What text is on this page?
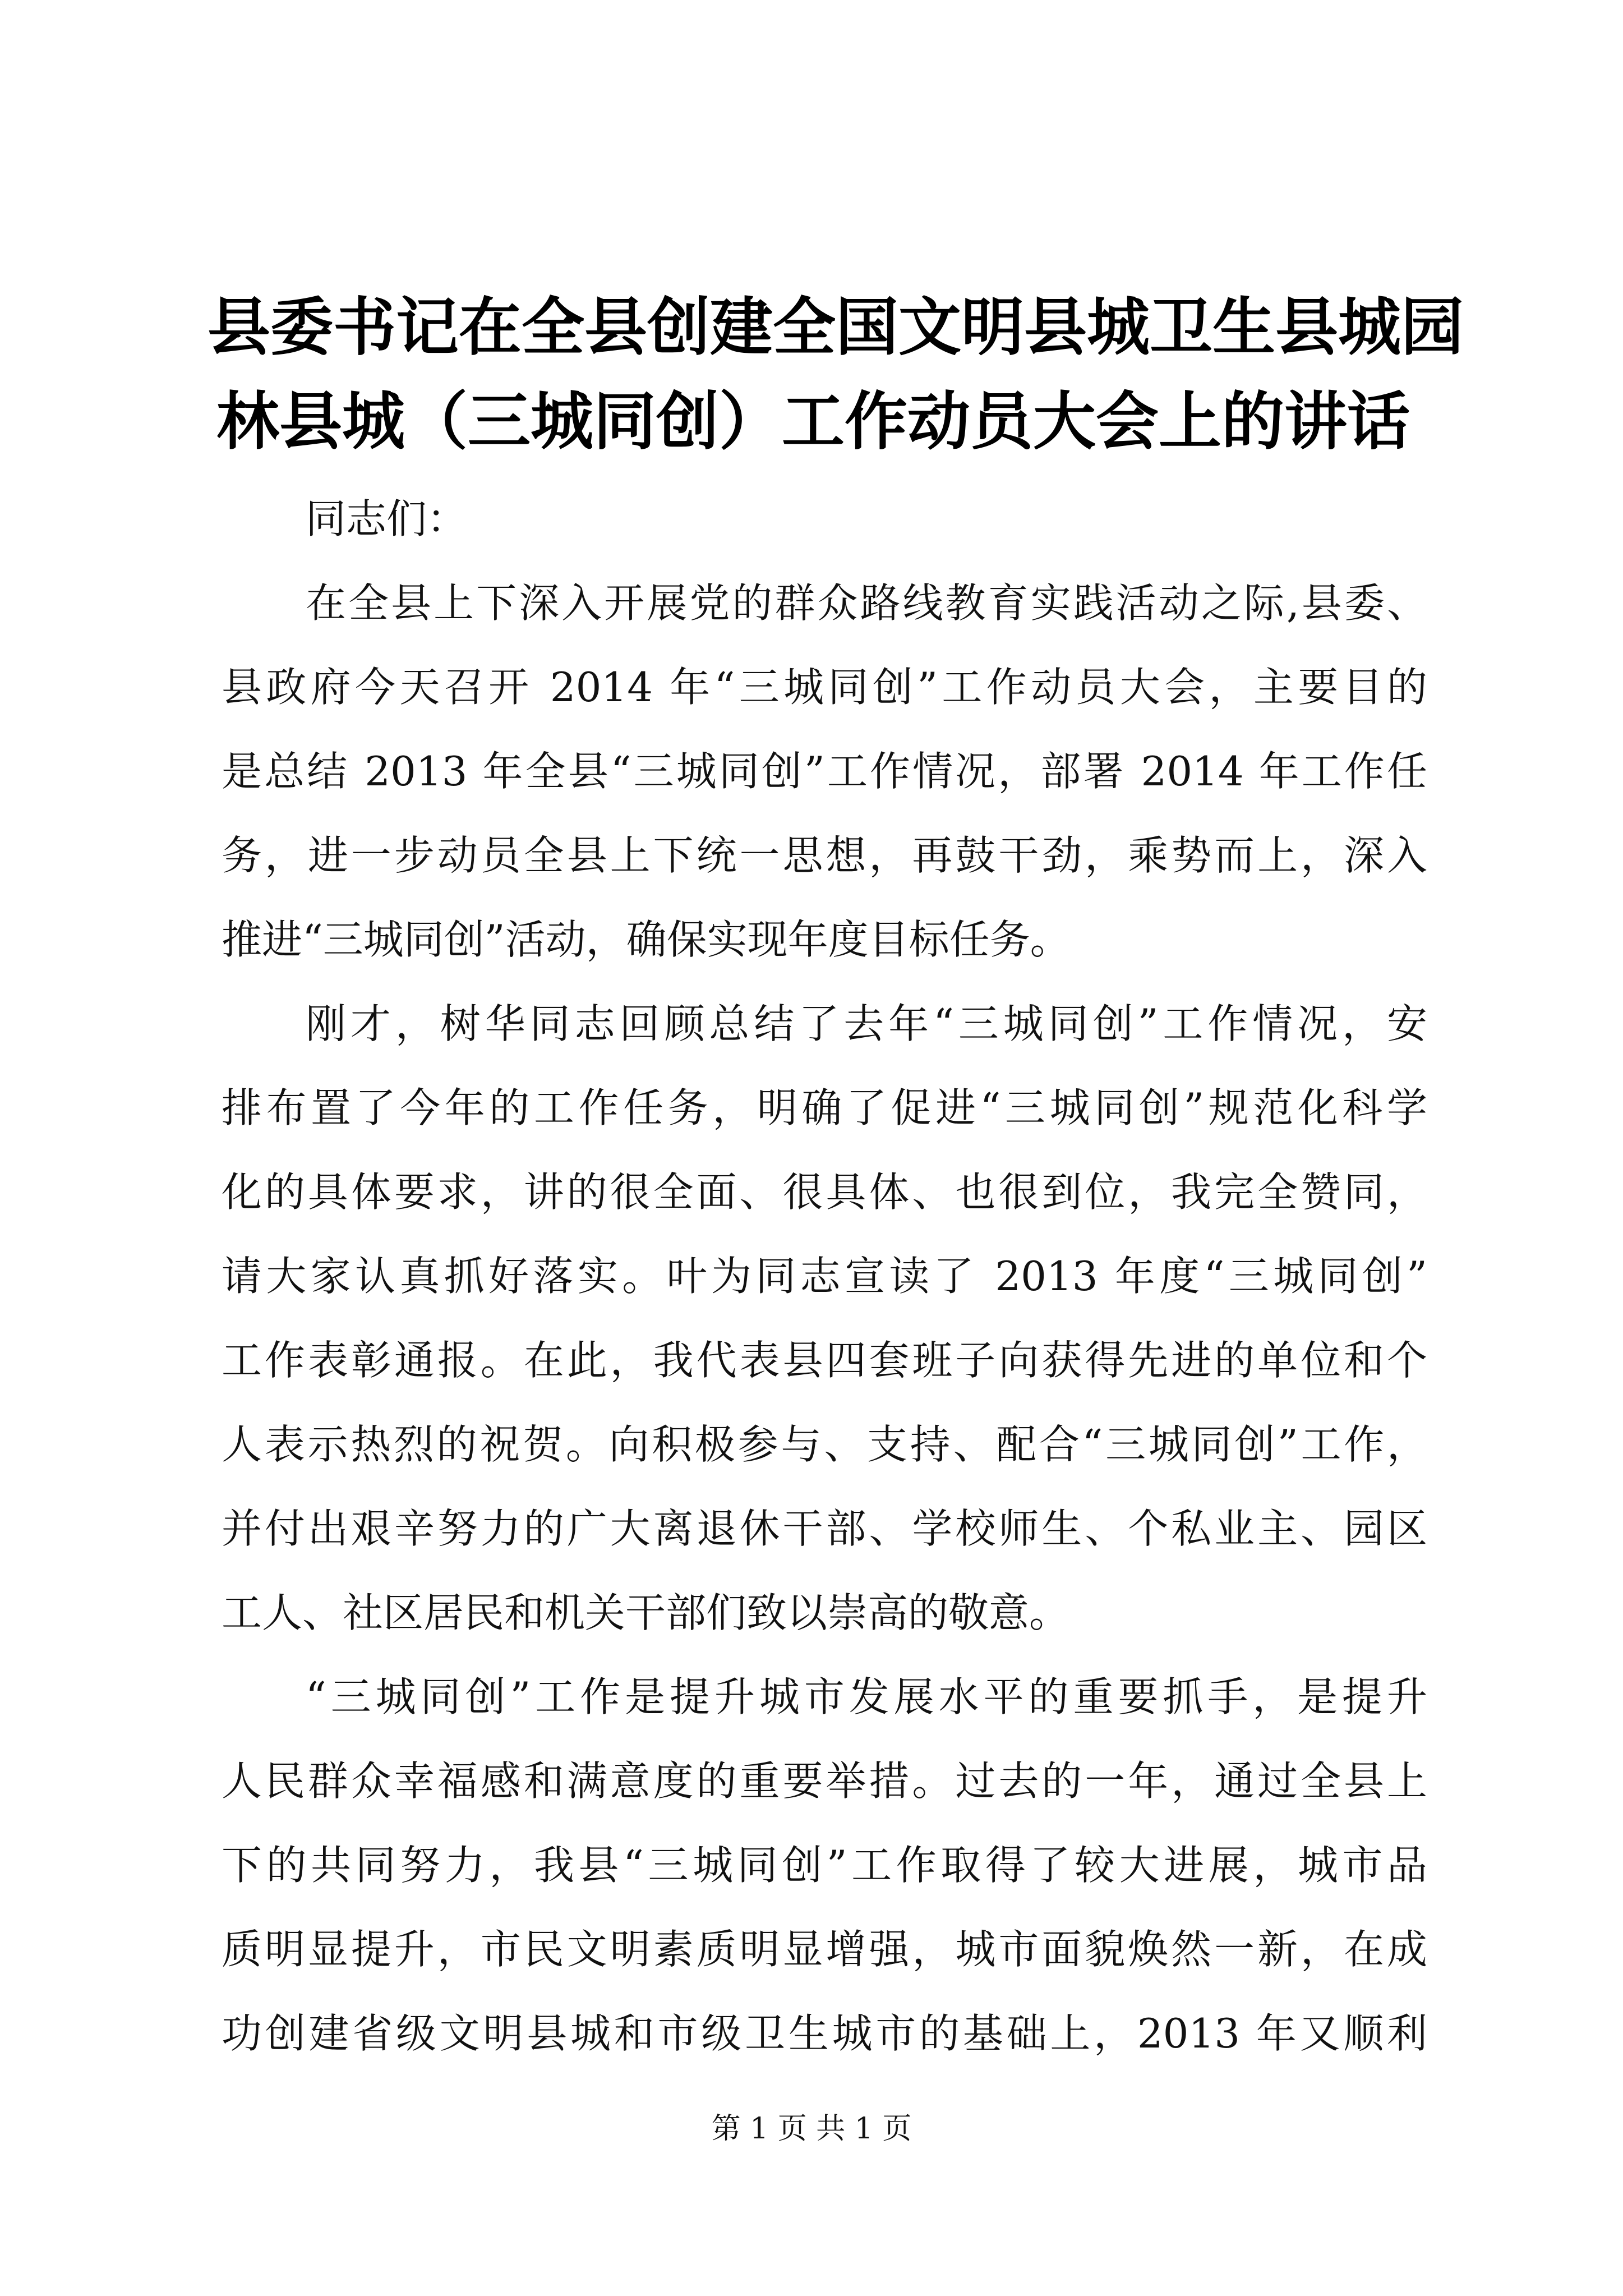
县委书记在全县创建全国文明县城卫生县城园
林县城（三城同创）工作动员大会上的讲话
同志们：
在全县上下深入开展党的群众路线教育实践活动之际,县委、
县政府今天召开 2014 年“三城同创”工作动员大会，主要目的
是总结 2013 年全县“三城同创”工作情况，部署 2014 年工作任
务，进一步动员全县上下统一思想，再鼓干劲，乘势而上，深入
推进“三城同创”活动，确保实现年度目标任务。
刚才，树华同志回顾总结了去年“三城同创”工作情况，安
排布置了今年的工作任务，明确了促进“三城同创”规范化科学
化的具体要求，讲的很全面、很具体、也很到位，我完全赞同，
请大家认真抓好落实。叶为同志宣读了 2013 年度“三城同创”
工作表彰通报。在此，我代表县四套班子向获得先进的单位和个
人表示热烈的祝贺。向积极参与、支持、配合“三城同创”工作，
并付出艰辛努力的广大离退休干部、学校师生、个私业主、园区
工人、社区居民和机关干部们致以崇高的敬意。
“三城同创”工作是提升城市发展水平的重要抓手，是提升
人民群众幸福感和满意度的重要举措。过去的一年，通过全县上
下的共同努力，我县“三城同创”工作取得了较大进展，城市品
质明显提升，市民文明素质明显增强，城市面貌焕然一新，在成
功创建省级文明县城和市级卫生城市的基础上，2013 年又顺利
第 1 页 共 1 页
